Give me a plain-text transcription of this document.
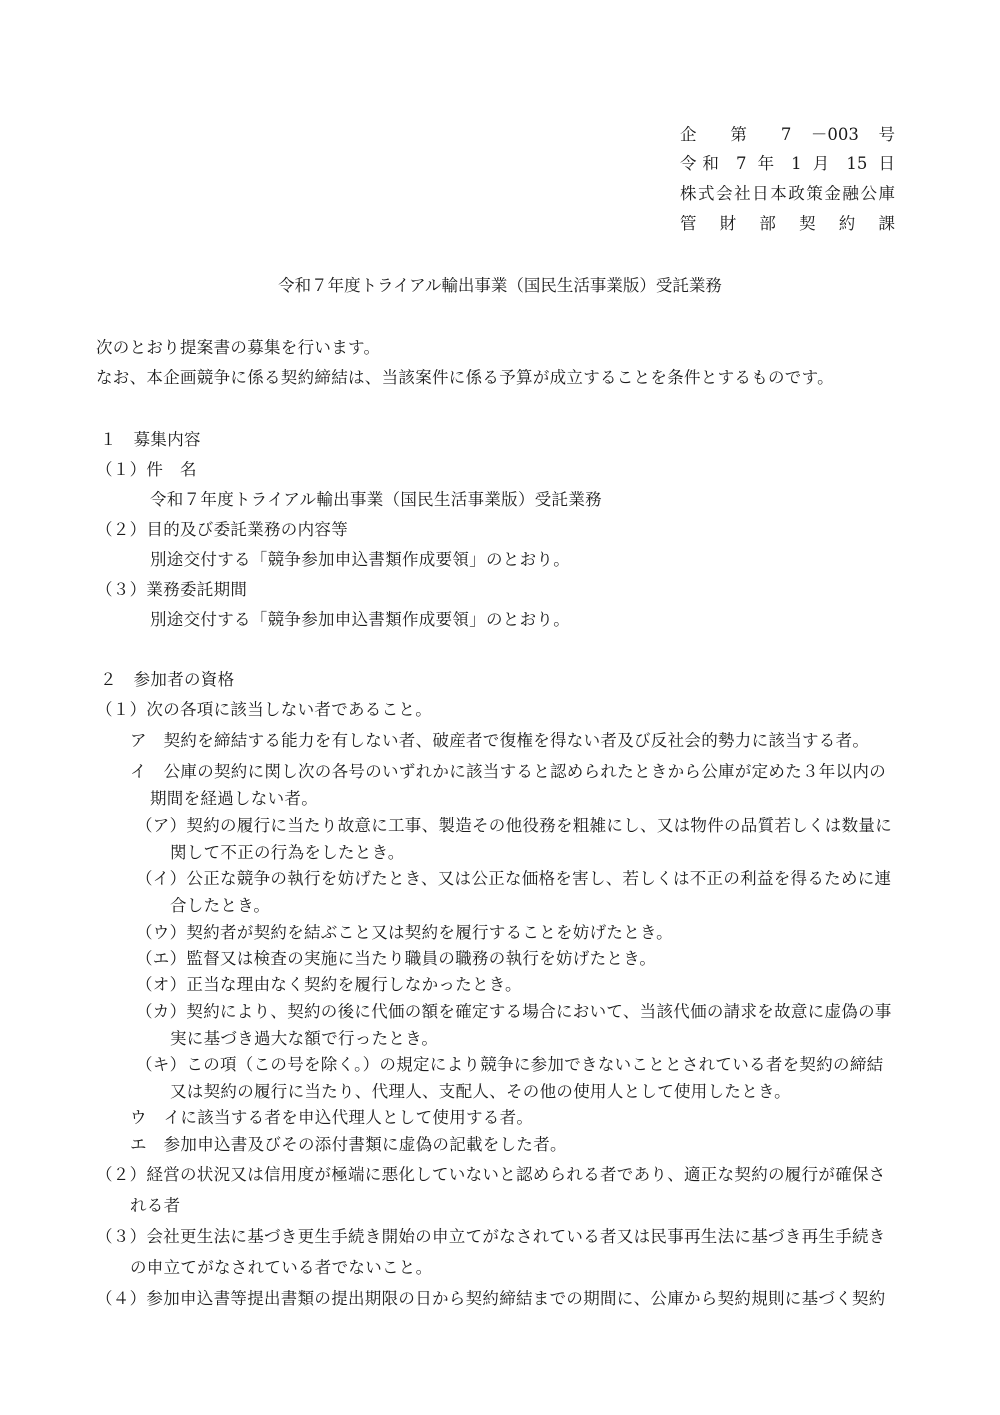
企 第 7 －003 号
令和 7 年 1 月 15 日
株式会社日本政策金融公庫
管 財 部 契 約 課
令和７年度トライアル輸出事業（国民生活事業版）受託業務
次のとおり提案書の募集を行います。
なお、本企画競争に係る契約締結は、当該案件に係る予算が成立することを条件とするものです。
１　募集内容
（１）件　名
令和７年度トライアル輸出事業（国民生活事業版）受託業務
（２）目的及び委託業務の内容等
別途交付する「競争参加申込書類作成要領」のとおり。
（３）業務委託期間
別途交付する「競争参加申込書類作成要領」のとおり。
２　参加者の資格
（１）次の各項に該当しない者であること。
ア　契約を締結する能力を有しない者、破産者で復権を得ない者及び反社会的勢力に該当する者。
イ　公庫の契約に関し次の各号のいずれかに該当すると認められたときから公庫が定めた３年以内の
期間を経過しない者。
（ア）契約の履行に当たり故意に工事、製造その他役務を粗雑にし、又は物件の品質若しくは数量に
関して不正の行為をしたとき。
（イ）公正な競争の執行を妨げたとき、又は公正な価格を害し、若しくは不正の利益を得るために連
合したとき。
（ウ）契約者が契約を結ぶこと又は契約を履行することを妨げたとき。
（エ）監督又は検査の実施に当たり職員の職務の執行を妨げたとき。
（オ）正当な理由なく契約を履行しなかったとき。
（カ）契約により、契約の後に代価の額を確定する場合において、当該代価の請求を故意に虚偽の事
実に基づき過大な額で行ったとき。
（キ）この項（この号を除く。）の規定により競争に参加できないこととされている者を契約の締結
又は契約の履行に当たり、代理人、支配人、その他の使用人として使用したとき。
ウ　イに該当する者を申込代理人として使用する者。
エ　参加申込書及びその添付書類に虚偽の記載をした者。
（２）経営の状況又は信用度が極端に悪化していないと認められる者であり、適正な契約の履行が確保さ
れる者
（３）会社更生法に基づき更生手続き開始の申立てがなされている者又は民事再生法に基づき再生手続き
の申立てがなされている者でないこと。
（４）参加申込書等提出書類の提出期限の日から契約締結までの期間に、公庫から契約規則に基づく契約
